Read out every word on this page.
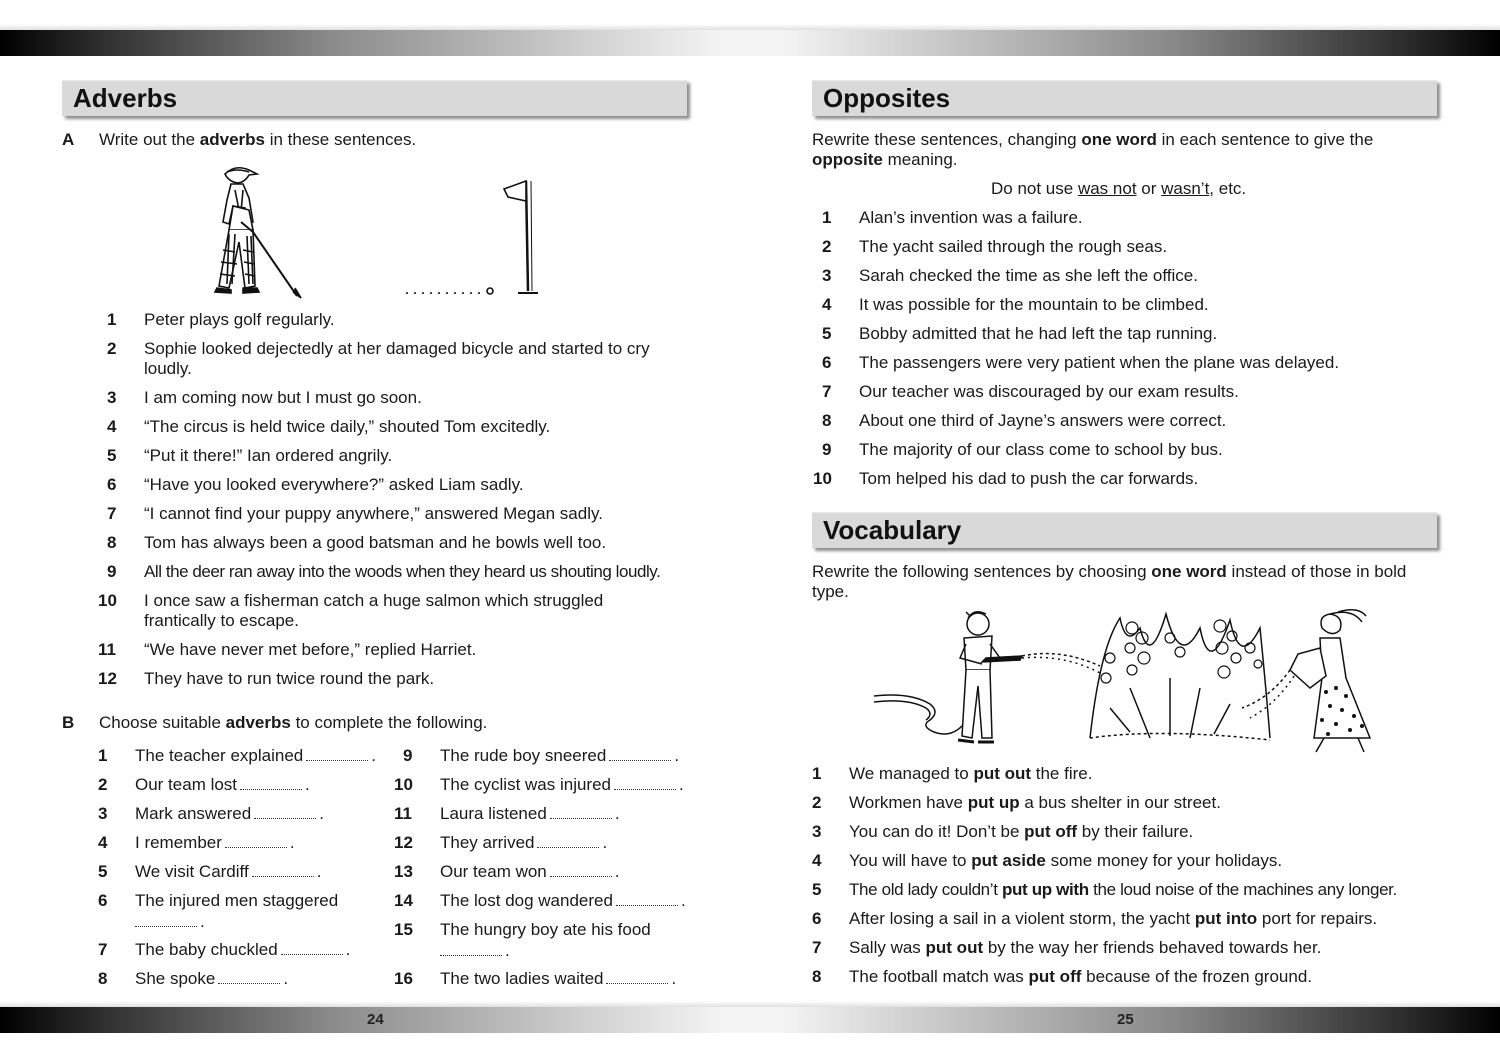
24	25
Adverbs
A Write out the adverbs in these sentences.
1 Peter plays golf regularly.
2 Sophie looked dejectedly at her damaged bicycle and started to cry loudly.
3 I am coming now but I must go soon.
4 “The circus is held twice daily,” shouted Tom excitedly.
5 “Put it there!” Ian ordered angrily.
6 “Have you looked everywhere?” asked Liam sadly.
7 “I cannot find your puppy anywhere,” answered Megan sadly.
8 Tom has always been a good batsman and he bowls well too.
9 All the deer ran away into the woods when they heard us shouting loudly.
10 I once saw a fisherman catch a huge salmon which struggled frantically to escape.
11 “We have never met before,” replied Harriet.
12 They have to run twice round the park.
B Choose suitable adverbs to complete the following.
1 The teacher explained	.
2 Our team lost	.
3 Mark answered	.
4 I remember	.
5 We visit Cardiff	.
6 The injured men staggered
.
7 The baby chuckled	.
8 She spoke	.
9 The rude boy sneered	.
10 The cyclist was injured	.
11 Laura listened	.
12 They arrived	.
13 Our team won	.
14 The lost dog wandered	.
15 The hungry boy ate his food
.
16 The two ladies waited	.
Opposites
Rewrite these sentences, changing one word in each sentence to give the opposite meaning.
Do not use was not or wasn’t, etc.
1 Alan’s invention was a failure.
2 The yacht sailed through the rough seas.
3 Sarah checked the time as she left the office.
4 It was possible for the mountain to be climbed.
5 Bobby admitted that he had left the tap running.
6 The passengers were very patient when the plane was delayed.
7 Our teacher was discouraged by our exam results.
8 About one third of Jayne’s answers were correct.
9 The majority of our class come to school by bus.
10 Tom helped his dad to push the car forwards.
Vocabulary
Rewrite the following sentences by choosing one word instead of those in bold type.
1 We managed to put out the fire.
2 Workmen have put up a bus shelter in our street.
3 You can do it! Don’t be put off by their failure.
4 You will have to put aside some money for your holidays.
5 The old lady couldn’t put up with the loud noise of the machines any longer.
6 After losing a sail in a violent storm, the yacht put into port for repairs.
7 Sally was put out by the way her friends behaved towards her.
8 The football match was put off because of the frozen ground.
